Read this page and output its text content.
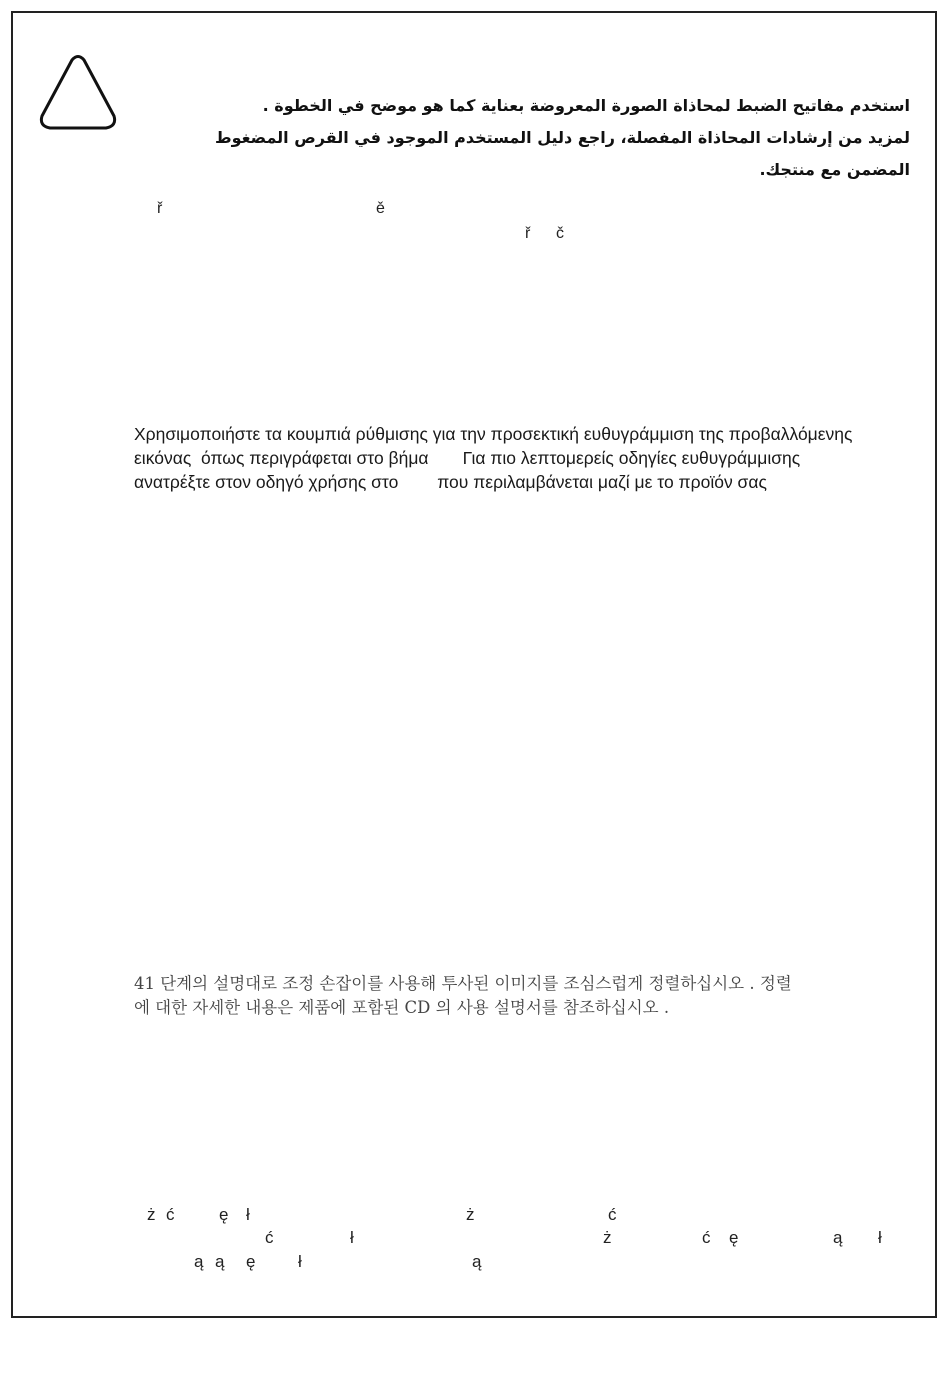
استخدم مفاتيح الضبط لمحاذاة الصورة المعروضة بعناية كما هو موضح في الخطوة .
لمزيد من إرشادات المحاذاة المفصلة، راجع دليل المستخدم الموجود في القرص المضغوط
المضمن مع منتجك.
ř	ě
ř č
Χρησιμοποιήστε τα κουμπιά ρύθμισης για την προσεκτική ευθυγράμμιση της προβαλλόμενης
εικόνας  όπως περιγράφεται στο βήμα       Για πιο λεπτομερείς οδηγίες ευθυγράμμισης
ανατρέξτε στον οδηγό χρήσης στο        που περιλαμβάνεται μαζί με το προϊόν σας
41 단계의 설명대로 조정 손잡이를 사용해 투사된 이미지를 조심스럽게 정렬하십시오 . 정렬
에 대한 자세한 내용은 제품에 포함된 CD 의 사용 설명서를 참조하십시오 .
ż ć	ę ł	ż	ć
ć	ł	ż	ć ę	ą ł
ą ą ę	ł	ą
